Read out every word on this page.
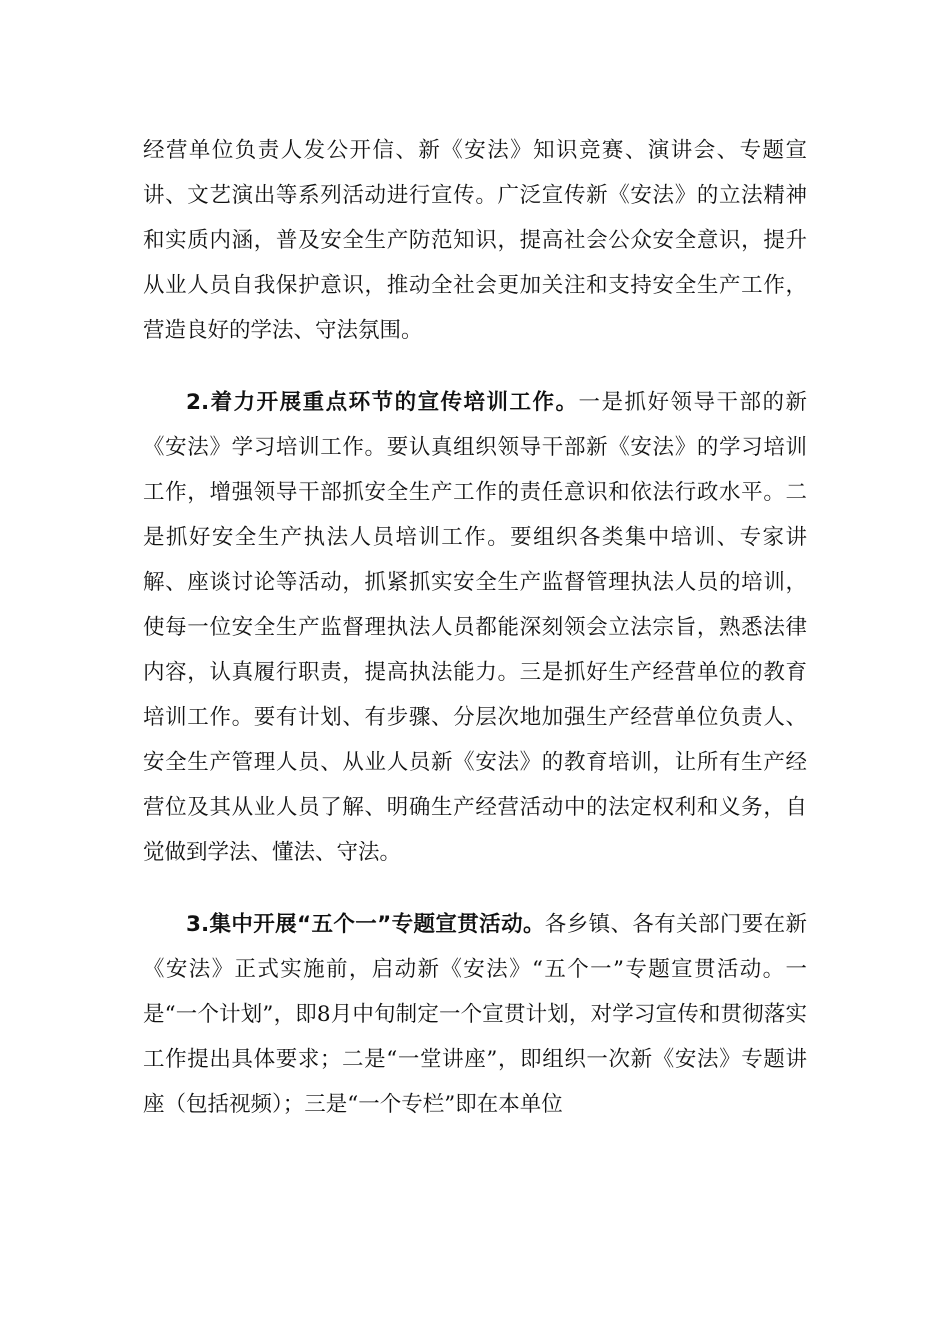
经营单位负责人发公开信、新《安法》知识竞赛、演讲会、专题宣讲、文艺演出等系列活动进行宣传。广泛宣传新《安法》的立法精神和实质内涵，普及安全生产防范知识，提高社会公众安全意识，提升从业人员自我保护意识，推动全社会更加关注和支持安全生产工作，营造良好的学法、守法氛围。

2.着力开展重点环节的宣传培训工作。一是抓好领导干部的新《安法》学习培训工作。要认真组织领导干部新《安法》的学习培训工作，增强领导干部抓安全生产工作的责任意识和依法行政水平。二是抓好安全生产执法人员培训工作。要组织各类集中培训、专家讲解、座谈讨论等活动，抓紧抓实安全生产监督管理执法人员的培训，使每一位安全生产监督理执法人员都能深刻领会立法宗旨，熟悉法律内容，认真履行职责，提高执法能力。三是抓好生产经营单位的教育培训工作。要有计划、有步骤、分层次地加强生产经营单位负责人、安全生产管理人员、从业人员新《安法》的教育培训，让所有生产经营位及其从业人员了解、明确生产经营活动中的法定权利和义务，自觉做到学法、懂法、守法。

3.集中开展“五个一”专题宣贯活动。各乡镇、各有关部门要在新《安法》正式实施前，启动新《安法》“五个一”专题宣贯活动。一是“一个计划”，即8月中旬制定一个宣贯计划，对学习宣传和贯彻落实工作提出具体要求；二是“一堂讲座”，即组织一次新《安法》专题讲座（包括视频）；三是“一个专栏”即在本单位
